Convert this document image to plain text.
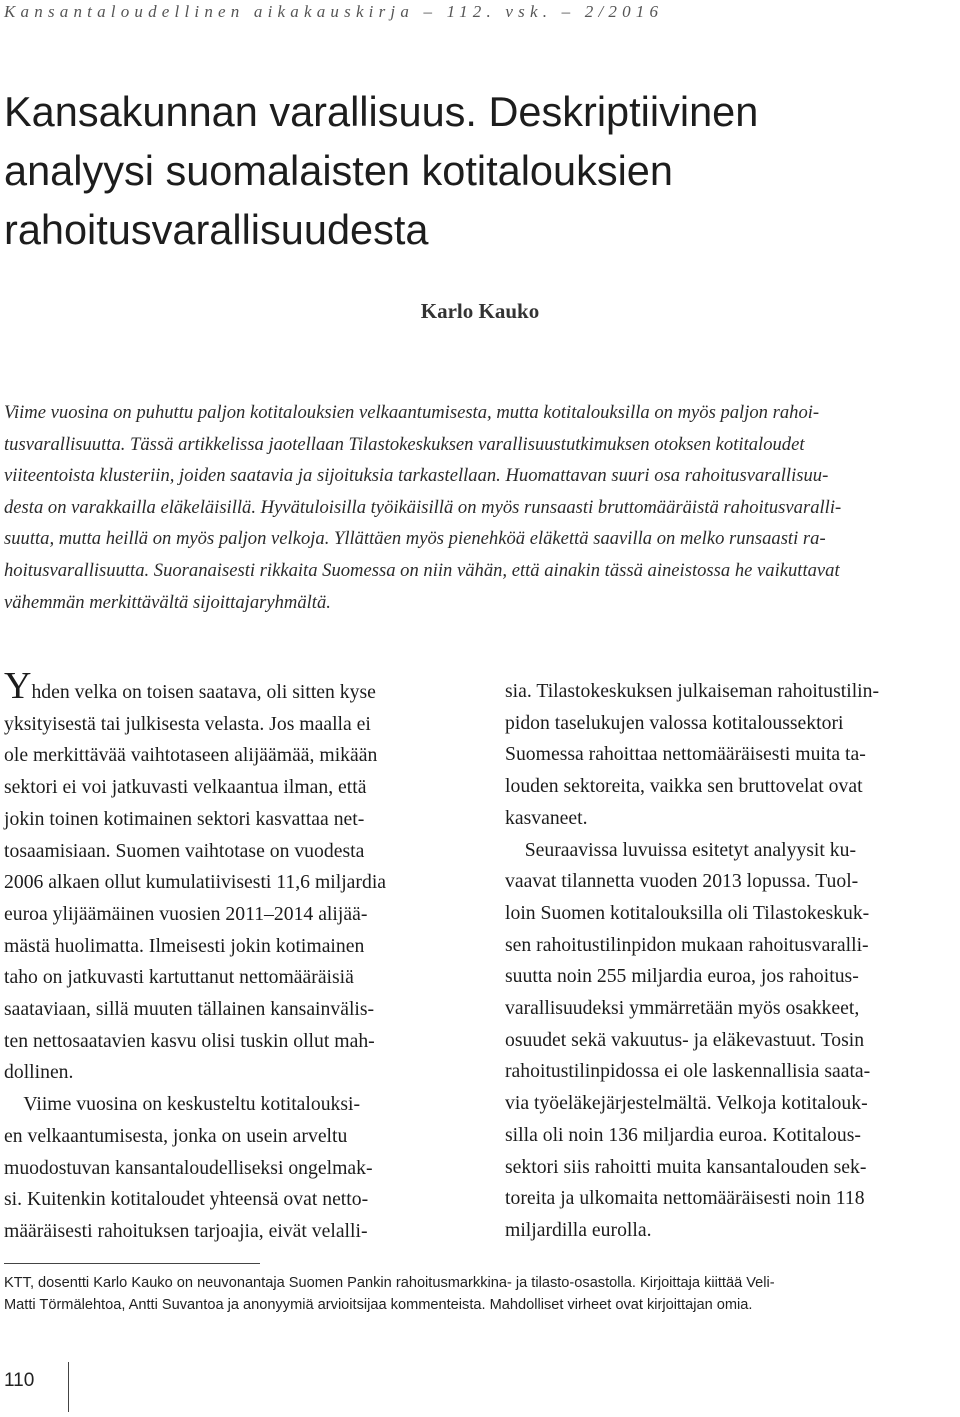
Kansantaloudellinen aikakauskirja – 112. vsk. – 2/2016
Kansakunnan varallisuus. Deskriptiivinen
analyysi suomalaisten kotitalouksien
rahoitusvarallisuudesta
Karlo Kauko
Viime vuosina on puhuttu paljon kotitalouksien velkaantumisesta, mutta kotitalouksilla on myös paljon rahoi-
tusvarallisuutta. Tässä artikkelissa jaotellaan Tilastokeskuksen varallisuustutkimuksen otoksen kotitaloudet
viiteentoista klusteriin, joiden saatavia ja sijoituksia tarkastellaan. Huomattavan suuri osa rahoitusvarallisuu-
desta on varakkailla eläkeläisillä. Hyvätuloisilla työikäisillä on myös runsaasti bruttomääräistä rahoitusvaralli-
suutta, mutta heillä on myös paljon velkoja. Yllättäen myös pienehköä eläkettä saavilla on melko runsaasti ra-
hoitusvarallisuutta. Suoranaisesti rikkaita Suomessa on niin vähän, että ainakin tässä aineistossa he vaikuttavat
vähemmän merkittävältä sijoittajaryhmältä.
Yhden velka on toisen saatava, oli sitten kyse
yksityisestä tai julkisesta velasta. Jos maalla ei
ole merkittävää vaihtotaseen alijäämää, mikään
sektori ei voi jatkuvasti velkaantua ilman, että
jokin toinen kotimainen sektori kasvattaa net-
tosaamisiaan. Suomen vaihtotase on vuodesta
2006 alkaen ollut kumulatiivisesti 11,6 miljardia
euroa ylijäämäinen vuosien 2011–2014 alijää-
mästä huolimatta. Ilmeisesti jokin kotimainen
taho on jatkuvasti kartuttanut nettomääräisiä
saataviaan, sillä muuten tällainen kansainvälis-
ten nettosaatavien kasvu olisi tuskin ollut mah-
dollinen.
Viime vuosina on keskusteltu kotitalouksi-
en velkaantumisesta, jonka on usein arveltu
muodostuvan kansantaloudelliseksi ongelmak-
si. Kuitenkin kotitaloudet yhteensä ovat netto-
määräisesti rahoituksen tarjoajia, eivät velalli-
sia. Tilastokeskuksen julkaiseman rahoitustilin-
pidon taselukujen valossa kotitaloussektori
Suomessa rahoittaa nettomääräisesti muita ta-
louden sektoreita, vaikka sen bruttovelat ovat
kasvaneet.
Seuraavissa luvuissa esitetyt analyysit ku-
vaavat tilannetta vuoden 2013 lopussa. Tuol-
loin Suomen kotitalouksilla oli Tilastokeskuk-
sen rahoitustilinpidon mukaan rahoitusvaralli-
suutta noin 255 miljardia euroa, jos rahoitus-
varallisuudeksi ymmärretään myös osakkeet,
osuudet sekä vakuutus- ja eläkevastuut. Tosin
rahoitustilinpidossa ei ole laskennallisia saata-
via työeläkejärjestelmältä. Velkoja kotitalouk-
silla oli noin 136 miljardia euroa. Kotitalous-
sektori siis rahoitti muita kansantalouden sek-
toreita ja ulkomaita nettomääräisesti noin 118
miljardilla eurolla.
KTT, dosentti Karlo Kauko on neuvonantaja Suomen Pankin rahoitusmarkkina- ja tilasto-osastolla. Kirjoittaja kiittää Veli-
Matti Törmälehtoa, Antti Suvantoa ja anonyymiä arvioitsijaa kommenteista. Mahdolliset virheet ovat kirjoittajan omia.
110
